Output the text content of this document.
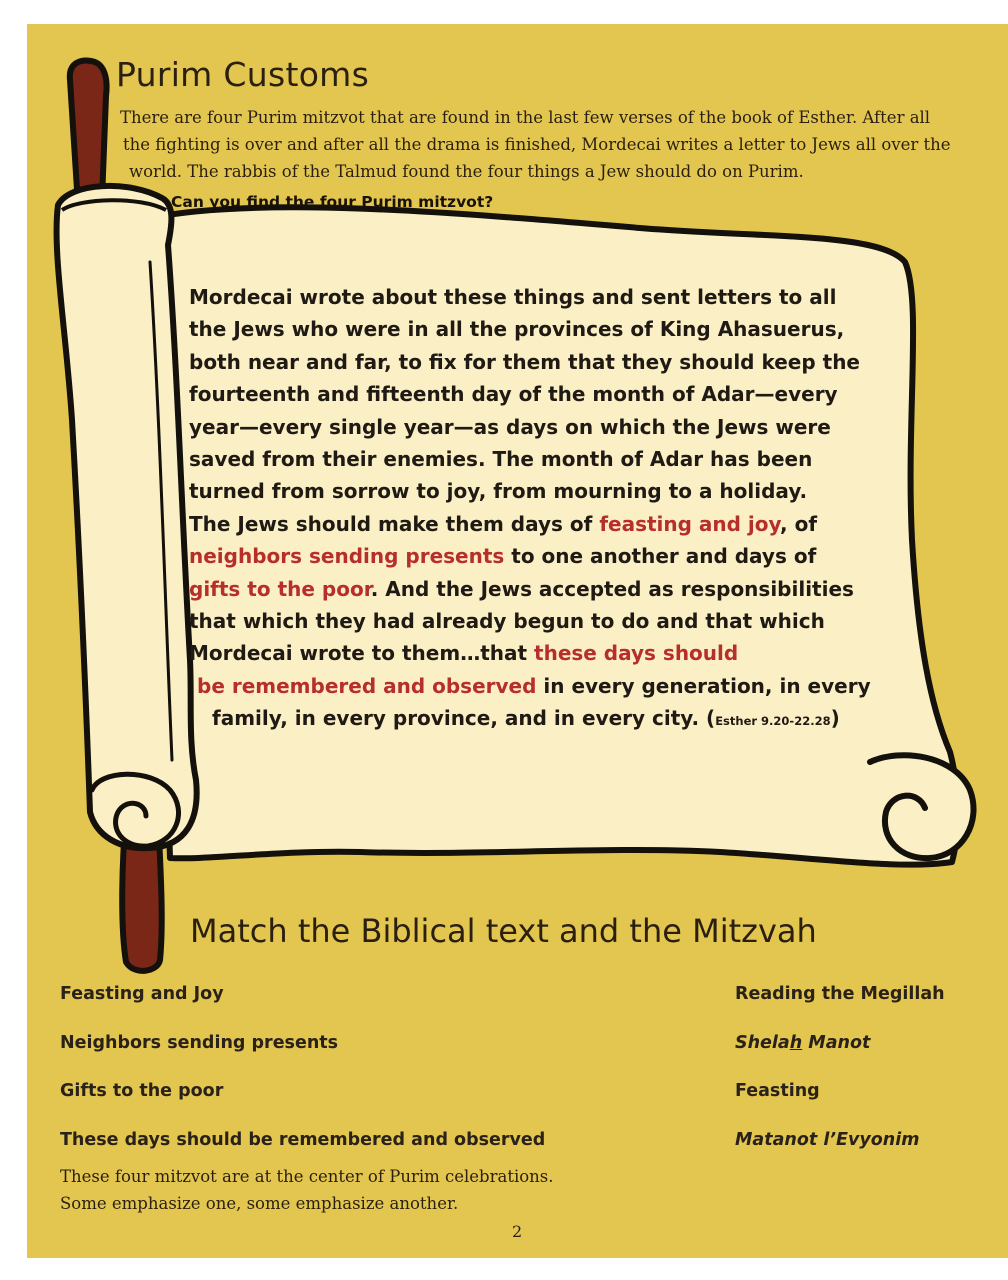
Purim Customs

There are four Purim mitzvot that are found in the last few verses of the book of Esther. After all
the fighting is over and after all the drama is finished, Mordecai writes a letter to Jews all over the
world. The rabbis of the Talmud found the four things a Jew should do on Purim.

Can you find the four Purim mitzvot?

Mordecai wrote about these things and sent letters to all
the Jews who were in all the provinces of King Ahasuerus,
both near and far, to fix for them that they should keep the
fourteenth and fifteenth day of the month of Adar—every
year—every single year—as days on which the Jews were
saved from their enemies. The month of Adar has been
turned from sorrow to joy, from mourning to a holiday.
The Jews should make them days of feasting and joy, of
neighbors sending presents to one another and days of
gifts to the poor. And the Jews accepted as responsibilities
that which they had already begun to do and that which
Mordecai wrote to them…that these days should
be remembered and observed in every generation, in every
family, in every province, and in every city. (Esther 9.20-22.28)

Match the Biblical text and the Mitzvah
Feasting and Joy
Neighbors sending presents
Gifts to the poor
These days should be remembered and observed
Reading the Megillah
Shelah Manot
Feasting
Matanot l’Evyonim

These four mitzvot are at the center of Purim celebrations.
Some emphasize one, some emphasize another.

2
